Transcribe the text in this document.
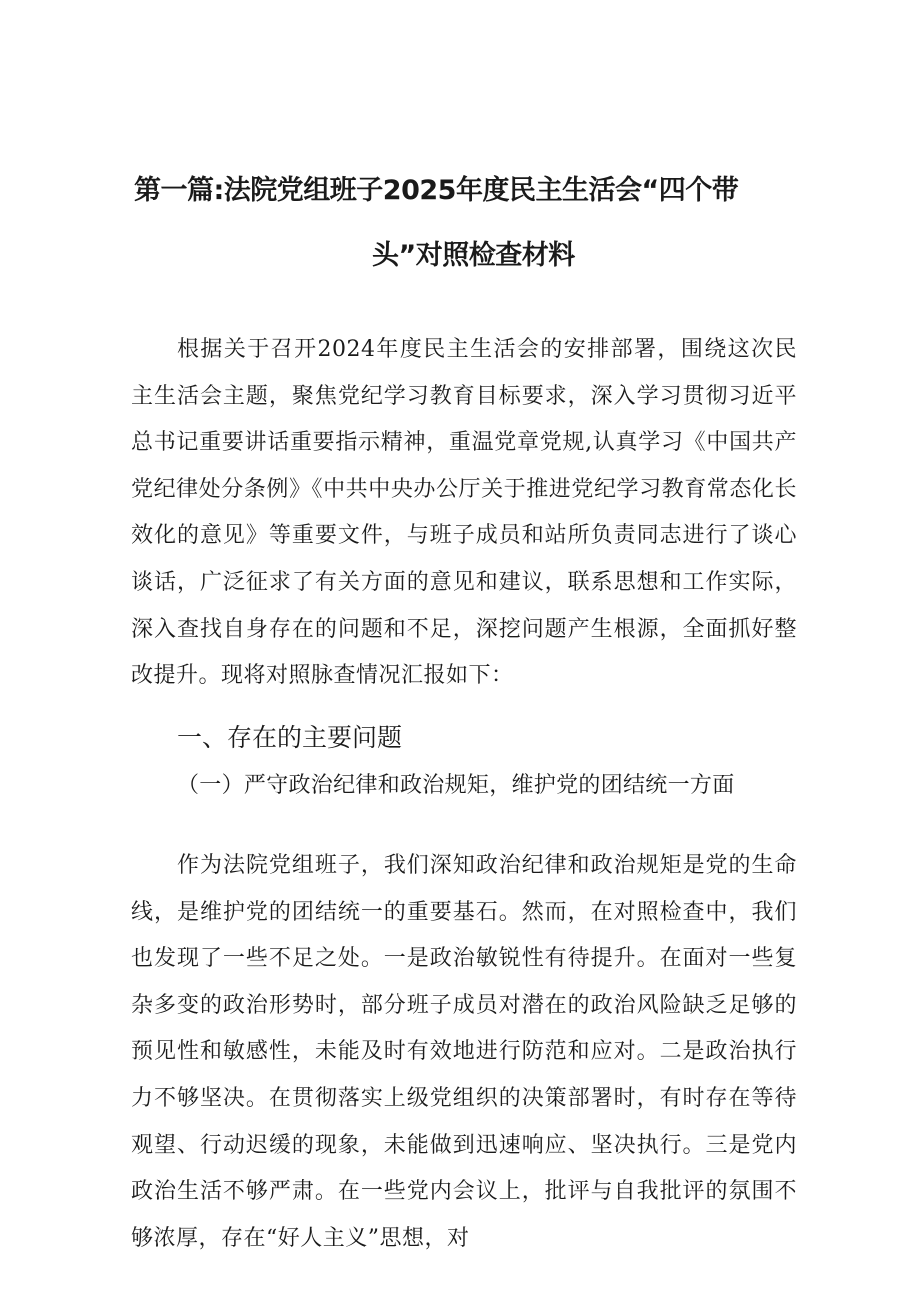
第一篇:法院党组班子2025年度民主生活会“四个带
头”对照检查材料
根据关于召开2024年度民主生活会的安排部署，围绕这次民主生活会主题，聚焦党纪学习教育目标要求，深入学习贯彻习近平总书记重要讲话重要指示精神，重温党章党规,认真学习《中国共产党纪律处分条例》《中共中央办公厅关于推进党纪学习教育常态化长效化的意见》等重要文件，与班子成员和站所负责同志进行了谈心谈话，广泛征求了有关方面的意见和建议，联系思想和工作实际，深入查找自身存在的问题和不足，深挖问题产生根源，全面抓好整改提升。现将对照脉查情况汇报如下：
一、存在的主要问题
（一）严守政治纪律和政治规矩，维护党的团结统一方面
作为法院党组班子，我们深知政治纪律和政治规矩是党的生命线，是维护党的团结统一的重要基石。然而，在对照检查中，我们也发现了一些不足之处。一是政治敏锐性有待提升。在面对一些复杂多变的政治形势时，部分班子成员对潜在的政治风险缺乏足够的预见性和敏感性，未能及时有效地进行防范和应对。二是政治执行力不够坚决。在贯彻落实上级党组织的决策部署时，有时存在等待观望、行动迟缓的现象，未能做到迅速响应、坚决执行。三是党内政治生活不够严肃。在一些党内会议上，批评与自我批评的氛围不够浓厚，存在“好人主义”思想，对
